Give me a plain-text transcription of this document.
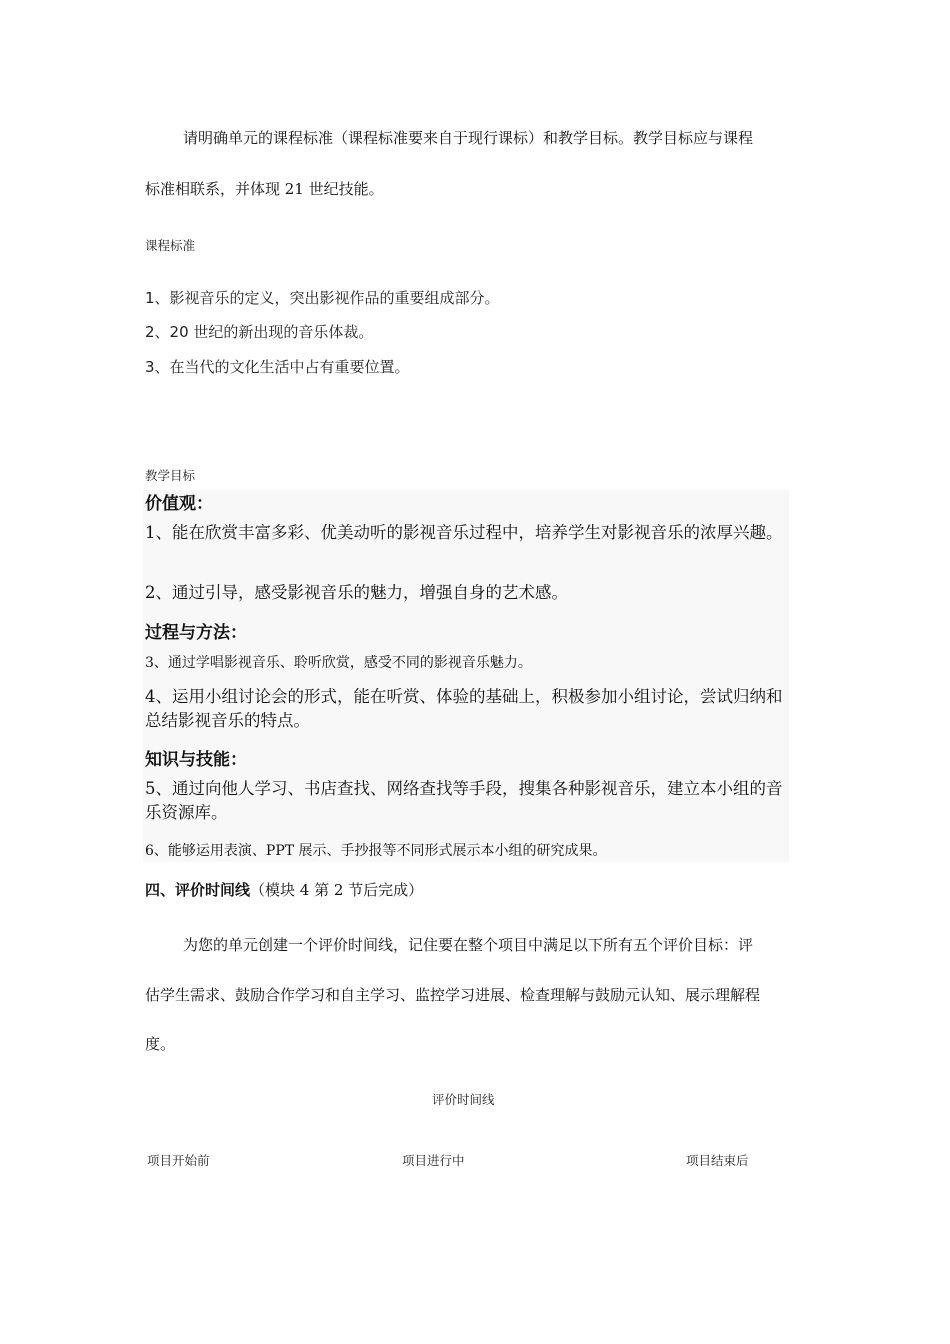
请明确单元的课程标准（课程标准要来自于现行课标）和教学目标。教学目标应与课程
标准相联系，并体现 21 世纪技能。
课程标准
1、影视音乐的定义，突出影视作品的重要组成部分。
2、20 世纪的新出现的音乐体裁。
3、在当代的文化生活中占有重要位置。
教学目标
价值观：
1、能在欣赏丰富多彩、优美动听的影视音乐过程中，培养学生对影视音乐的浓厚兴趣。
2、通过引导，感受影视音乐的魅力，增强自身的艺术感。
过程与方法：
3、通过学唱影视音乐、聆听欣赏，感受不同的影视音乐魅力。
4、运用小组讨论会的形式，能在听赏、体验的基础上，积极参加小组讨论，尝试归纳和总结影视音乐的特点。
知识与技能：
5、通过向他人学习、书店查找、网络查找等手段，搜集各种影视音乐，建立本小组的音乐资源库。
6、能够运用表演、PPT 展示、手抄报等不同形式展示本小组的研究成果。
四、评价时间线（模块 4 第 2 节后完成）
为您的单元创建一个评价时间线，记住要在整个项目中满足以下所有五个评价目标：评
估学生需求、鼓励合作学习和自主学习、监控学习进展、检查理解与鼓励元认知、展示理解程
度。
评价时间线
项目开始前	项目进行中	项目结束后
